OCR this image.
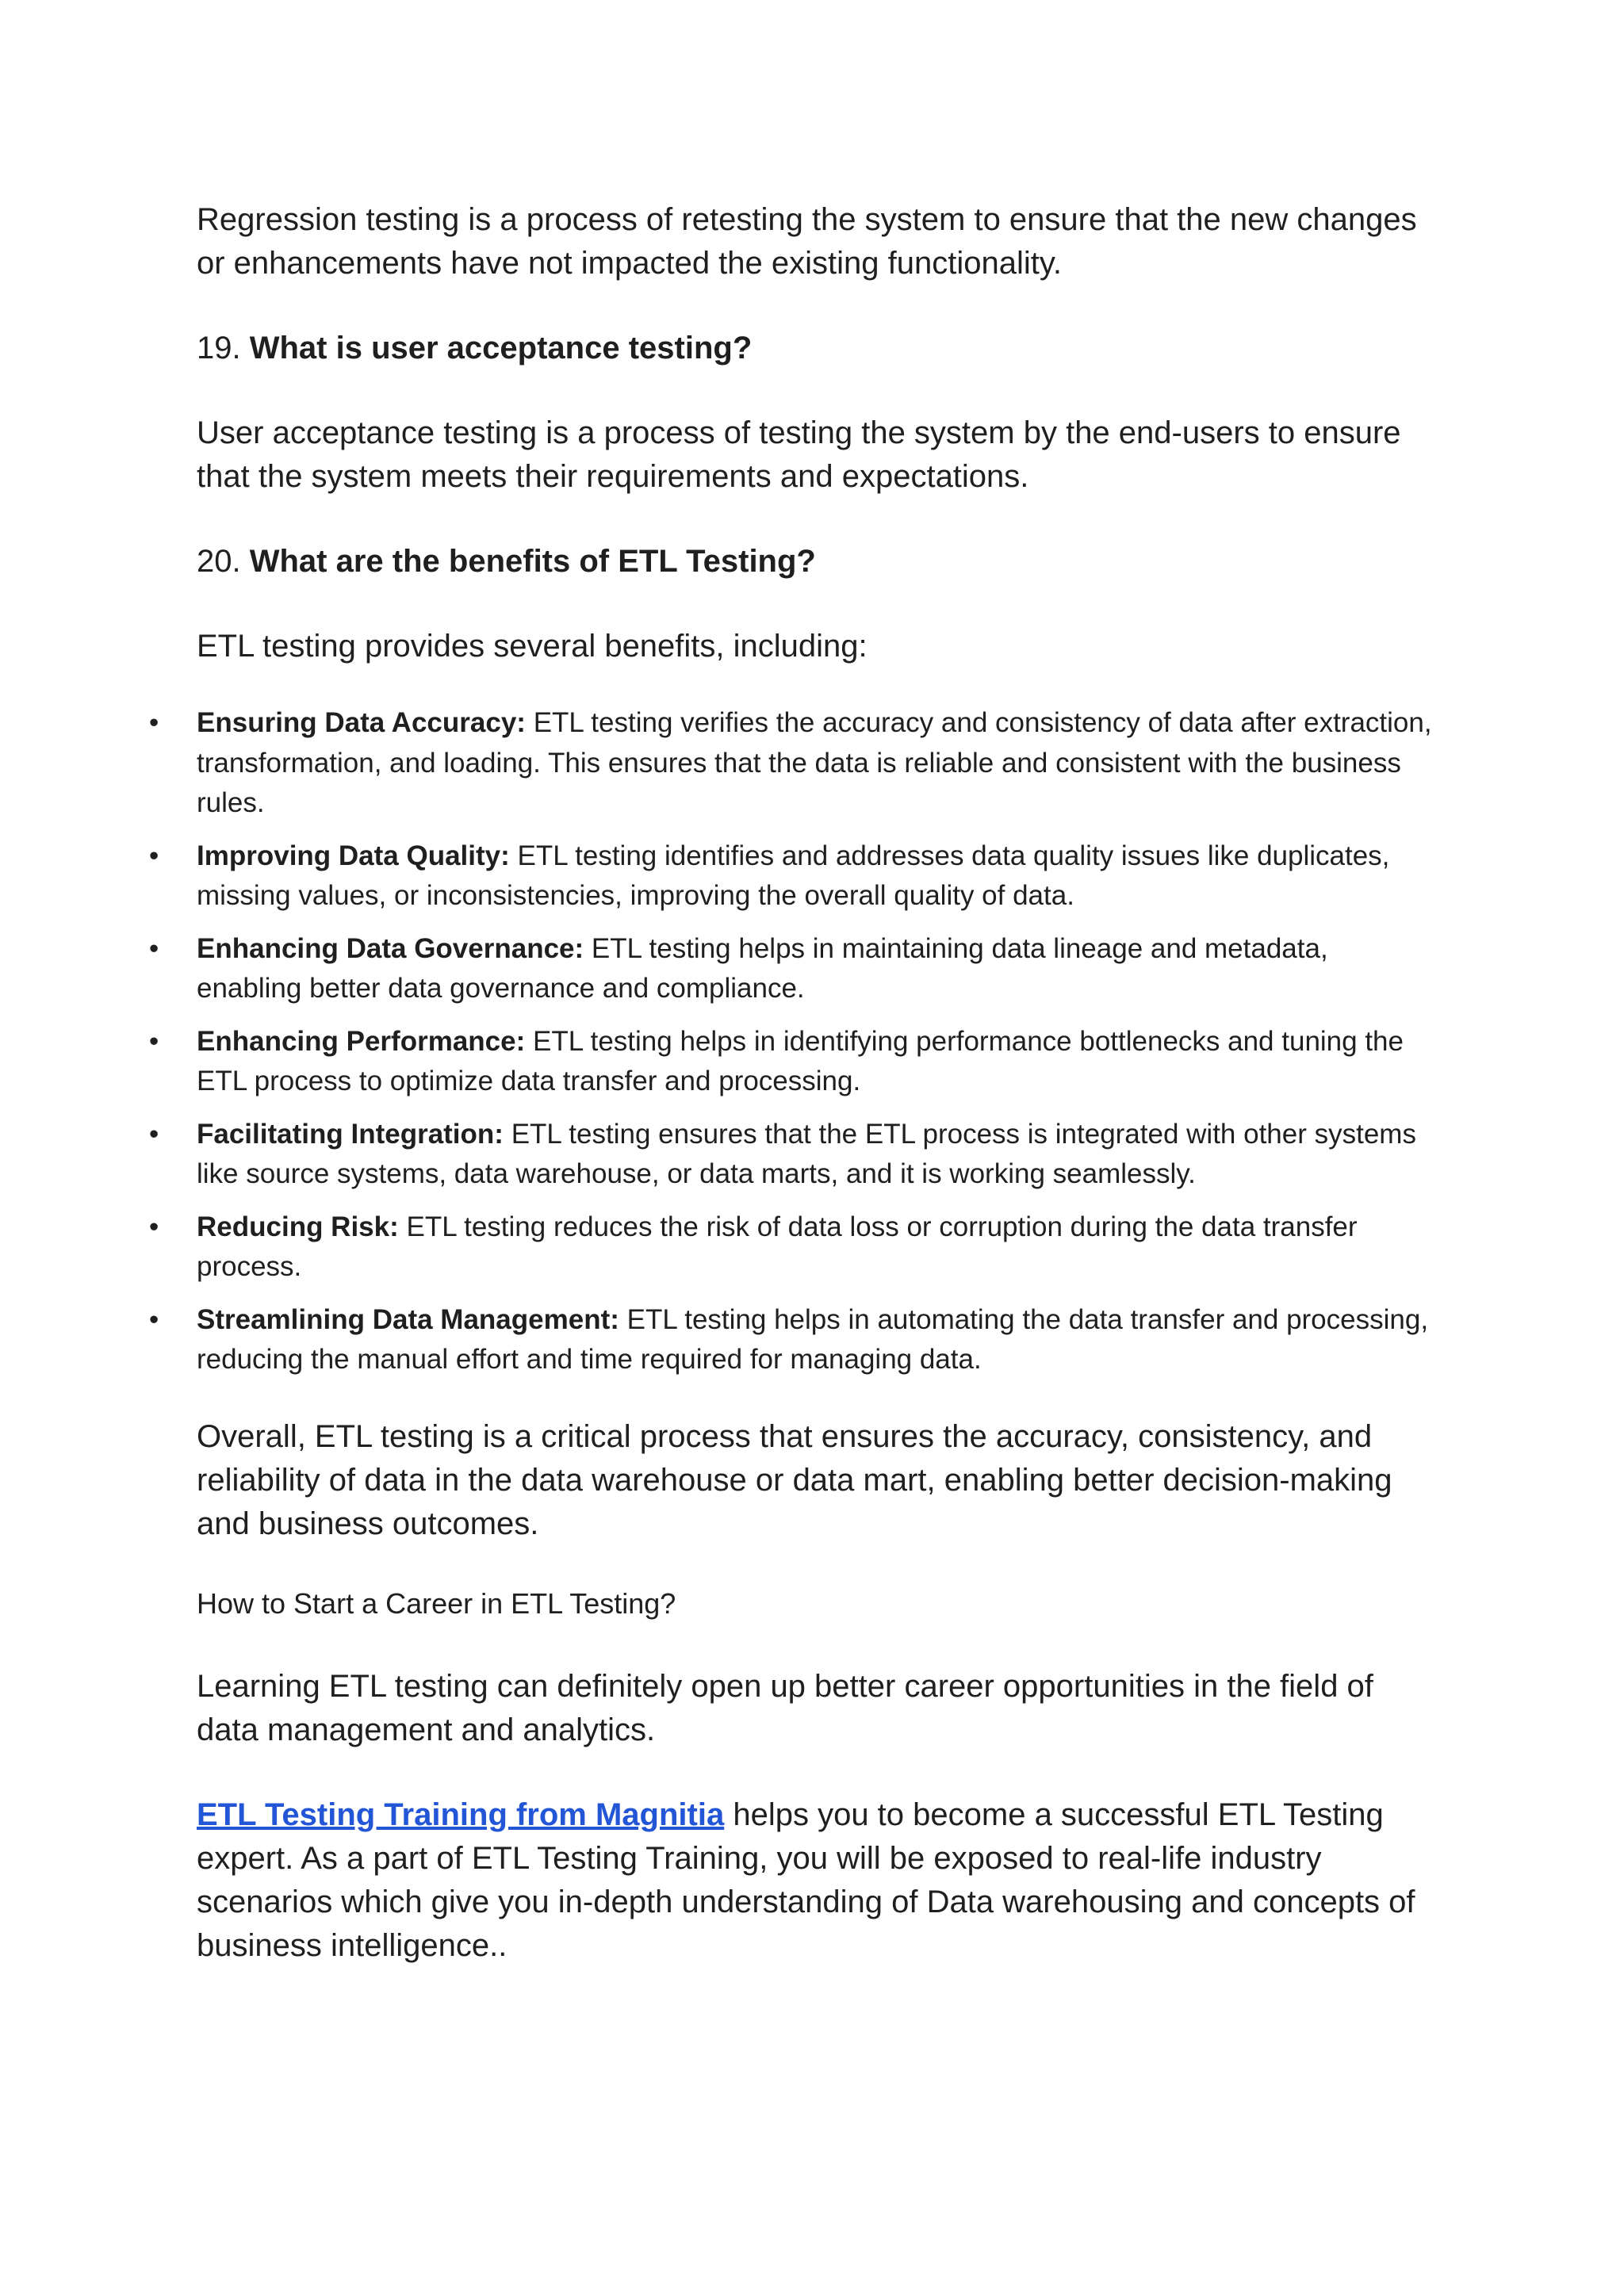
Regression testing is a process of retesting the system to ensure that the new changes or enhancements have not impacted the existing functionality.

19. What is user acceptance testing?

User acceptance testing is a process of testing the system by the end-users to ensure that the system meets their requirements and expectations.

20. What are the benefits of ETL Testing?

ETL testing provides several benefits, including:

• Ensuring Data Accuracy: ETL testing verifies the accuracy and consistency of data after extraction, transformation, and loading. This ensures that the data is reliable and consistent with the business rules.
• Improving Data Quality: ETL testing identifies and addresses data quality issues like duplicates, missing values, or inconsistencies, improving the overall quality of data.
• Enhancing Data Governance: ETL testing helps in maintaining data lineage and metadata, enabling better data governance and compliance.
• Enhancing Performance: ETL testing helps in identifying performance bottlenecks and tuning the ETL process to optimize data transfer and processing.
• Facilitating Integration: ETL testing ensures that the ETL process is integrated with other systems like source systems, data warehouse, or data marts, and it is working seamlessly.
• Reducing Risk: ETL testing reduces the risk of data loss or corruption during the data transfer process.
• Streamlining Data Management: ETL testing helps in automating the data transfer and processing, reducing the manual effort and time required for managing data.

Overall, ETL testing is a critical process that ensures the accuracy, consistency, and reliability of data in the data warehouse or data mart, enabling better decision-making and business outcomes.

How to Start a Career in ETL Testing?

Learning ETL testing can definitely open up better career opportunities in the field of data management and analytics.

ETL Testing Training from Magnitia helps you to become a successful ETL Testing expert. As a part of ETL Testing Training, you will be exposed to real-life industry scenarios which give you in-depth understanding of Data warehousing and concepts of business intelligence..
